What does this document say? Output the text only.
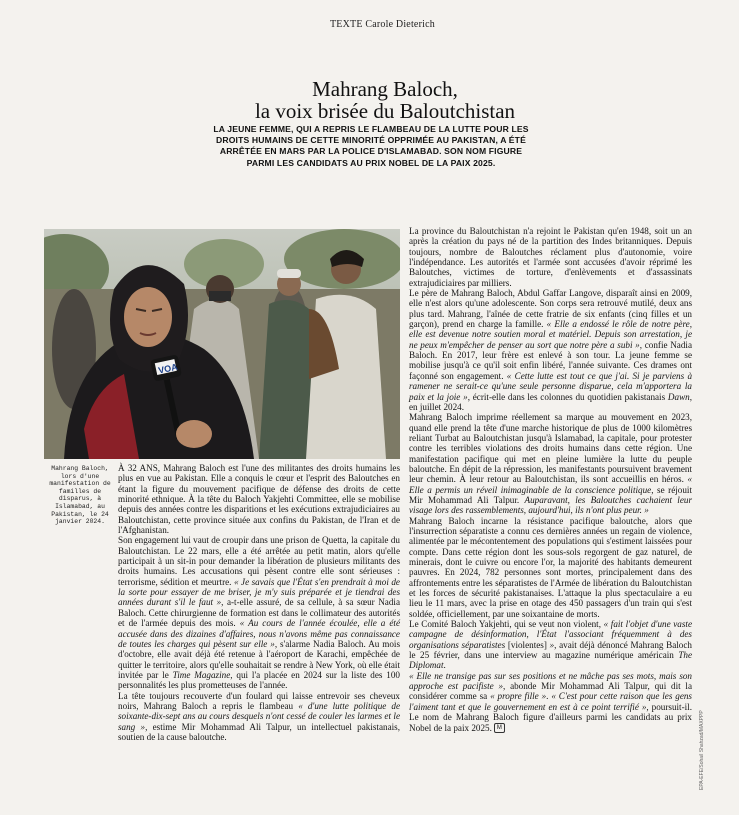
TEXTE Carole Dieterich
Mahrang Baloch,
la voix brisée du Baloutchistan
LA JEUNE FEMME, QUI A REPRIS LE FLAMBEAU DE LA LUTTE POUR LES DROITS HUMAINS DE CETTE MINORITÉ OPPRIMÉE AU PAKISTAN, A ÉTÉ ARRÊTÉE EN MARS PAR LA POLICE D'ISLAMABAD. SON NOM FIGURE PARMI LES CANDIDATS AU PRIX NOBEL DE LA PAIX 2025.
VOA
Mahrang Baloch, lors d'une manifestation de familles de disparus, à Islamabad, au Pakistan, le 24 janvier 2024.

À 32 ANS, Mahrang Baloch est l'une des militantes des droits humains les plus en vue au Pakistan. Elle a conquis le cœur et l'esprit des Baloutches en étant la figure du mouvement pacifique de défense des droits de cette minorité ethnique. À la tête du Baloch Yakjehti Committee, elle se mobilise depuis des années contre les disparitions et les exécutions extrajudiciaires au Baloutchistan, cette province située aux confins du Pakistan, de l'Iran et de l'Afghanistan.

Son engagement lui vaut de croupir dans une prison de Quetta, la capitale du Baloutchistan. Le 22 mars, elle a été arrêtée au petit matin, alors qu'elle participait à un sit-in pour demander la libération de plusieurs militants des droits humains. Les accusations qui pèsent contre elle sont sérieuses : terrorisme, sédition et meurtre. « Je savais que l'État s'en prendrait à moi de la sorte pour essayer de me briser, je m'y suis préparée et je tiendrai des années durant s'il le faut », a-t-elle assuré, de sa cellule, à sa sœur Nadia Baloch. Cette chirurgienne de formation est dans le collimateur des autorités et de l'armée depuis des mois. « Au cours de l'année écoulée, elle a été accusée dans des dizaines d'affaires, nous n'avons même pas connaissance de toutes les charges qui pèsent sur elle », s'alarme Nadia Baloch. Au mois d'octobre, elle avait déjà été retenue à l'aéroport de Karachi, empêchée de quitter le territoire, alors qu'elle souhaitait se rendre à New York, où elle était invitée par le Time Magazine, qui l'a placée en 2024 sur la liste des 100 personnalités les plus prometteuses de l'année.

La tête toujours recouverte d'un foulard qui laisse entrevoir ses cheveux noirs, Mahrang Baloch a repris le flambeau « d'une lutte politique de soixante-dix-sept ans au cours desquels n'ont cessé de couler les larmes et le sang », estime Mir Mohammad Ali Talpur, un intellectuel pakistanais, soutien de la cause baloutche.

La province du Baloutchistan n'a rejoint le Pakistan qu'en 1948, soit un an après la création du pays né de la partition des Indes britanniques. Depuis toujours, nombre de Baloutches réclament plus d'autonomie, voire l'indépendance. Les autorités et l'armée sont accusées d'avoir réprimé les Baloutches, victimes de torture, d'enlèvements et d'assassinats extrajudiciaires par milliers.

Le père de Mahrang Baloch, Abdul Gaffar Langove, disparaît ainsi en 2009, elle n'est alors qu'une adolescente. Son corps sera retrouvé mutilé, deux ans plus tard. Mahrang, l'aînée de cette fratrie de six enfants (cinq filles et un garçon), prend en charge la famille. « Elle a endossé le rôle de notre père, elle est devenue notre soutien moral et matériel. Depuis son arrestation, je ne peux m'empêcher de penser au sort que notre père a subi », confie Nadia Baloch. En 2017, leur frère est enlevé à son tour. La jeune femme se mobilise jusqu'à ce qu'il soit enfin libéré, l'année suivante. Ces drames ont façonné son engagement. « Cette lutte est tout ce que j'ai. Si je parviens à ramener ne serait-ce qu'une seule personne disparue, cela m'apportera la paix et la joie », écrit-elle dans les colonnes du quotidien pakistanais Dawn, en juillet 2024.

Mahrang Baloch imprime réellement sa marque au mouvement en 2023, quand elle prend la tête d'une marche historique de plus de 1000 kilomètres reliant Turbat au Baloutchistan jusqu'à Islamabad, la capitale, pour protester contre les terribles violations des droits humains dans cette région. Une manifestation pacifique qui met en pleine lumière la lutte du peuple baloutche. En dépit de la répression, les manifestants poursuivent bravement leur chemin. À leur retour au Baloutchistan, ils sont accueillis en héros. « Elle a permis un réveil inimaginable de la conscience politique, se réjouit Mir Mohammad Ali Talpur. Auparavant, les Baloutches cachaient leur visage lors des rassemblements, aujourd'hui, ils n'ont plus peur. »

Mahrang Baloch incarne la résistance pacifique baloutche, alors que l'insurrection séparatiste a connu ces dernières années un regain de violence, alimentée par le mécontentement des populations qui s'estiment laissées pour compte. Dans cette région dont les sous-sols regorgent de gaz naturel, de minerais, dont le cuivre ou encore l'or, la majorité des habitants demeurent pauvres. En 2024, 782 personnes sont mortes, principalement dans des affrontements entre les séparatistes de l'Armée de libération du Baloutchistan et les forces de sécurité pakistanaises. L'attaque la plus spectaculaire a eu lieu le 11 mars, avec la prise en otage des 450 passagers d'un train qui s'est soldée, officiellement, par une soixantaine de morts.

Le Comité Baloch Yakjehti, qui se veut non violent, « fait l'objet d'une vaste campagne de désinformation, l'État l'associant fréquemment à des organisations séparatistes [violentes] », avait déjà dénoncé Mahrang Baloch le 25 février, dans une interview au magazine numérique américain The Diplomat.

« Elle ne transige pas sur ses positions et ne mâche pas ses mots, mais son approche est pacifiste », abonde Mir Mohammad Ali Talpur, qui dit la considérer comme sa « propre fille ». « C'est pour cette raison que les gens l'aiment tant et que le gouvernement en est à ce point terrifié », poursuit-il. Le nom de Mahrang Baloch figure d'ailleurs parmi les candidats au prix Nobel de la paix 2025. M	EPA-EFE/Sohail Shahzad/MAXPPP
